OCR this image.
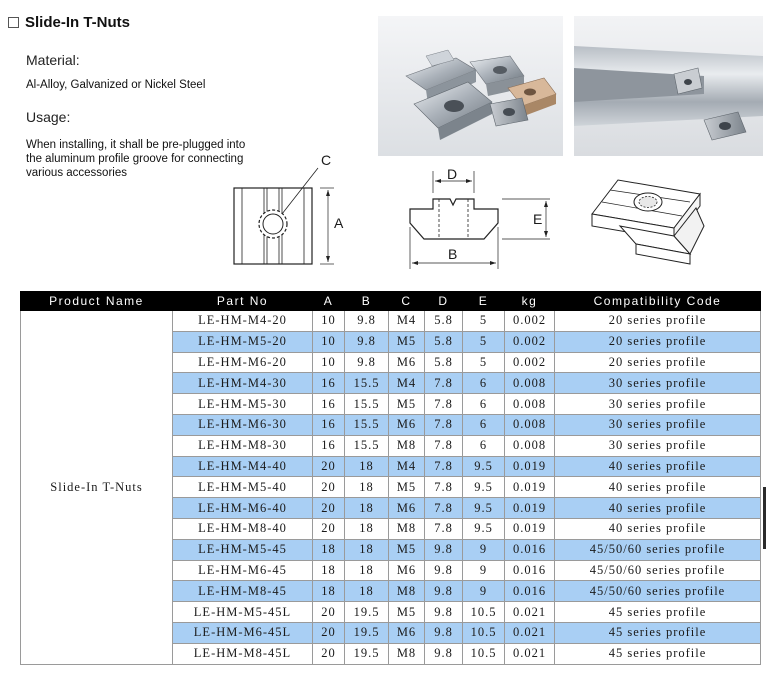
Slide-In T-Nuts
Material:
Al-Alloy, Galvanized or Nickel Steel
Usage:
When installing, it shall be pre-plugged into
the aluminum profile groove for connecting
various accessories
C
A
D
E
B
Product Name	Part No	A	B	C	D	E	kg	Compatibility Code
Slide-In T-Nuts	LE-HM-M4-20	10	9.8	M4	5.8	5	0.002	20 series profile
	LE-HM-M5-20	10	9.8	M5	5.8	5	0.002	20 series profile
	LE-HM-M6-20	10	9.8	M6	5.8	5	0.002	20 series profile
	LE-HM-M4-30	16	15.5	M4	7.8	6	0.008	30 series profile
	LE-HM-M5-30	16	15.5	M5	7.8	6	0.008	30 series profile
	LE-HM-M6-30	16	15.5	M6	7.8	6	0.008	30 series profile
	LE-HM-M8-30	16	15.5	M8	7.8	6	0.008	30 series profile
	LE-HM-M4-40	20	18	M4	7.8	9.5	0.019	40 series profile
	LE-HM-M5-40	20	18	M5	7.8	9.5	0.019	40 series profile
	LE-HM-M6-40	20	18	M6	7.8	9.5	0.019	40 series profile
	LE-HM-M8-40	20	18	M8	7.8	9.5	0.019	40 series profile
	LE-HM-M5-45	18	18	M5	9.8	9	0.016	45/50/60 series profile
	LE-HM-M6-45	18	18	M6	9.8	9	0.016	45/50/60 series profile
	LE-HM-M8-45	18	18	M8	9.8	9	0.016	45/50/60 series profile
	LE-HM-M5-45L	20	19.5	M5	9.8	10.5	0.021	45 series profile
	LE-HM-M6-45L	20	19.5	M6	9.8	10.5	0.021	45 series profile
	LE-HM-M8-45L	20	19.5	M8	9.8	10.5	0.021	45 series profile
